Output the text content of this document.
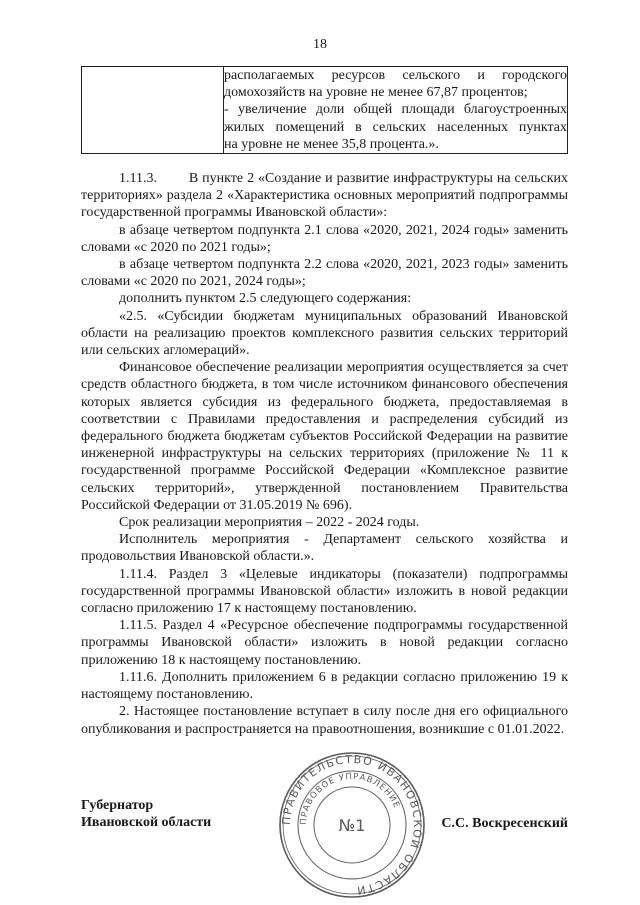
18

располагаемых ресурсов сельского и городского
домохозяйств на уровне не менее 67,87 процентов;
- увеличение доли общей площади благоустроенных
жилых помещений в сельских населенных пунктах
на уровне не менее 35,8 процента.».

1.11.3.        В пункте 2 «Создание и развитие инфраструктуры на сельских территориях» раздела 2 «Характеристика основных мероприятий подпрограммы государственной программы Ивановской области»:

в абзаце четвертом подпункта 2.1 слова «2020, 2021, 2024 годы» заменить словами «с 2020 по 2021 годы»;

в абзаце четвертом подпункта 2.2 слова «2020, 2021, 2023 годы» заменить словами «с 2020 по 2021, 2024 годы»;

дополнить пунктом 2.5 следующего содержания:

«2.5. «Субсидии бюджетам муниципальных образований Ивановской области на реализацию проектов комплексного развития сельских территорий или сельских агломераций».

Финансовое обеспечение реализации мероприятия осуществляется за счет средств областного бюджета, в том числе источником финансового обеспечения которых является субсидия из федерального бюджета, предоставляемая в соответствии с Правилами предоставления и распределения субсидий из федерального бюджета бюджетам субъектов Российской Федерации на развитие инженерной инфраструктуры на сельских территориях (приложение № 11 к государственной программе Российской Федерации «Комплексное развитие сельских территорий», утвержденной постановлением Правительства Российской Федерации от 31.05.2019 № 696).

Срок реализации мероприятия – 2022 - 2024 годы.

Исполнитель мероприятия - Департамент сельского хозяйства и продовольствия Ивановской области.».

1.11.4. Раздел 3 «Целевые индикаторы (показатели) подпрограммы государственной программы Ивановской области» изложить в новой редакции согласно приложению 17 к настоящему постановлению.

1.11.5. Раздел 4 «Ресурсное обеспечение подпрограммы государственной программы Ивановской области» изложить в новой редакции согласно приложению 18 к настоящему постановлению.

1.11.6. Дополнить приложением 6 в редакции согласно приложению 19 к настоящему постановлению.

2. Настоящее постановление вступает в силу после дня его официального опубликования и распространяется на правоотношения, возникшие с 01.01.2022.

Губернатор
Ивановской области	С.С. Воскресенский
ПРАВИТЕЛЬСТВО ИВАНОВСКОЙ ОБЛАСТИ
ПРАВОВОЕ УПРАВЛЕНИЕ
№1
